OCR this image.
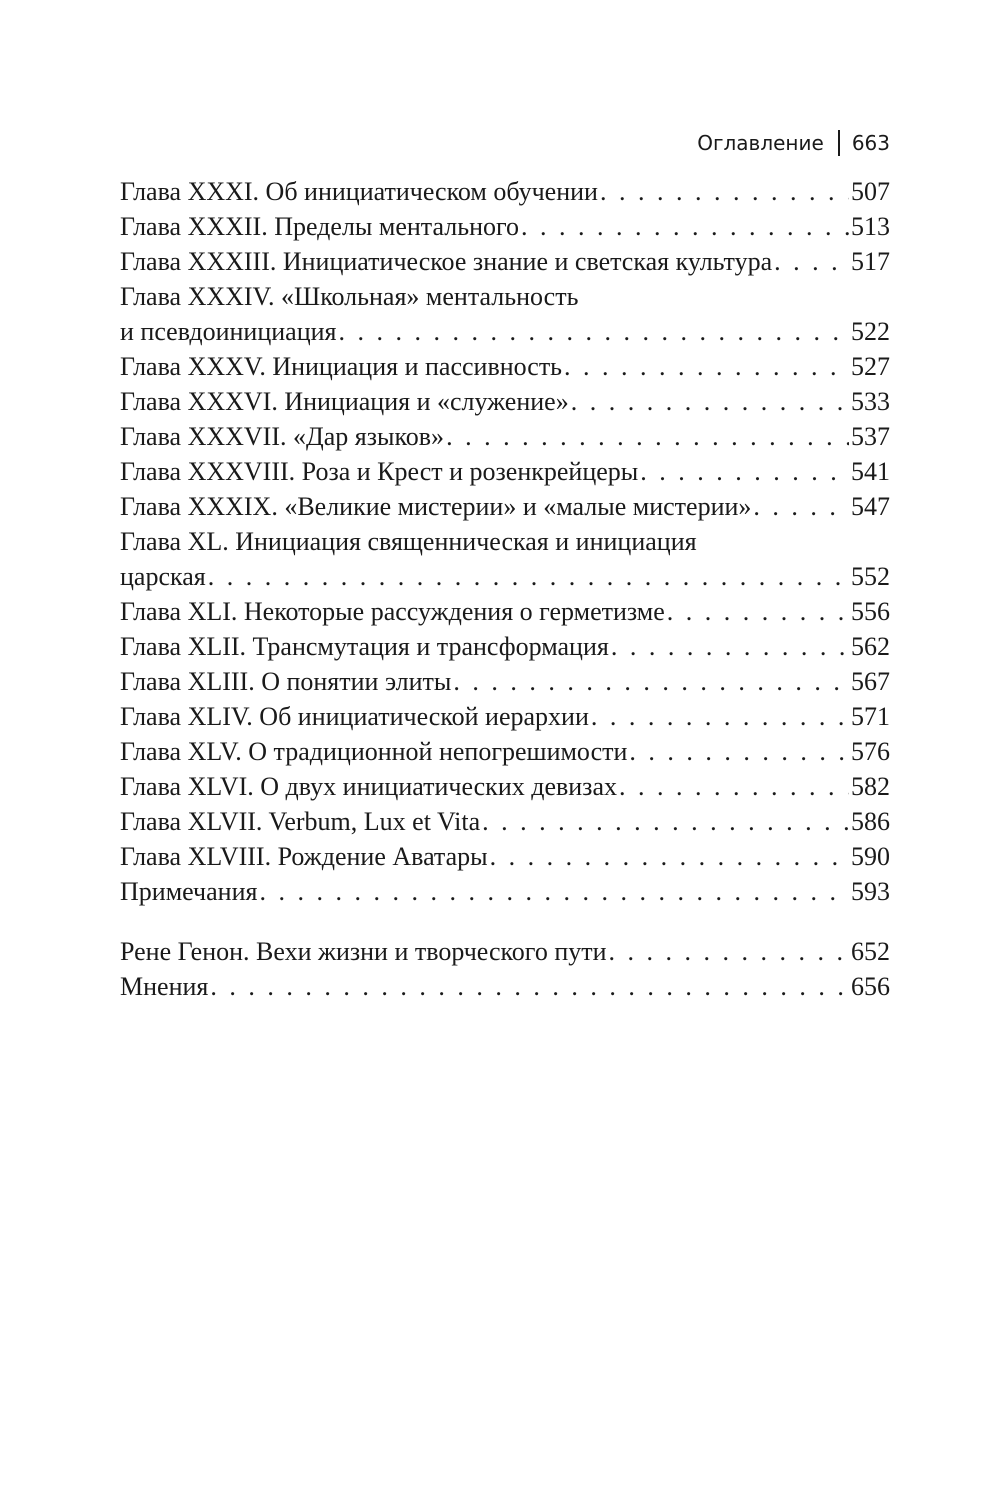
Оглавление 663
Глава XXXI. Об инициатическом обучении . . .	507
Глава XXXII. Пределы ментального . . .	513
Глава XXXIII. Инициатическое знание и светская культура . . .	517
Глава XXXIV. «Школьная» ментальность
и псевдоинициация . . .	522
Глава XXXV. Инициация и пассивность . . .	527
Глава XXXVI. Инициация и «служение» . . .	533
Глава XXXVII. «Дар языков» . . .	537
Глава XXXVIII. Роза и Крест и розенкрейцеры . . .	541
Глава XXXIX. «Великие мистерии» и «малые мистерии» . . .	547
Глава XL. Инициация священническая и инициация
царская . . .	552
Глава XLI. Некоторые рассуждения о герметизме . . .	556
Глава XLII. Трансмутация и трансформация . . .	562
Глава XLIII. О понятии элиты . . .	567
Глава XLIV. Об инициатической иерархии . . .	571
Глава XLV. О традиционной непогрешимости . . .	576
Глава XLVI. О двух инициатических девизах . . .	582
Глава XLVII. Verbum, Lux et Vita . . .	586
Глава XLVIII. Рождение Аватары . . .	590
Примечания . . .	593
Рене Генон. Вехи жизни и творческого пути . . .	652
Мнения . . .	656
